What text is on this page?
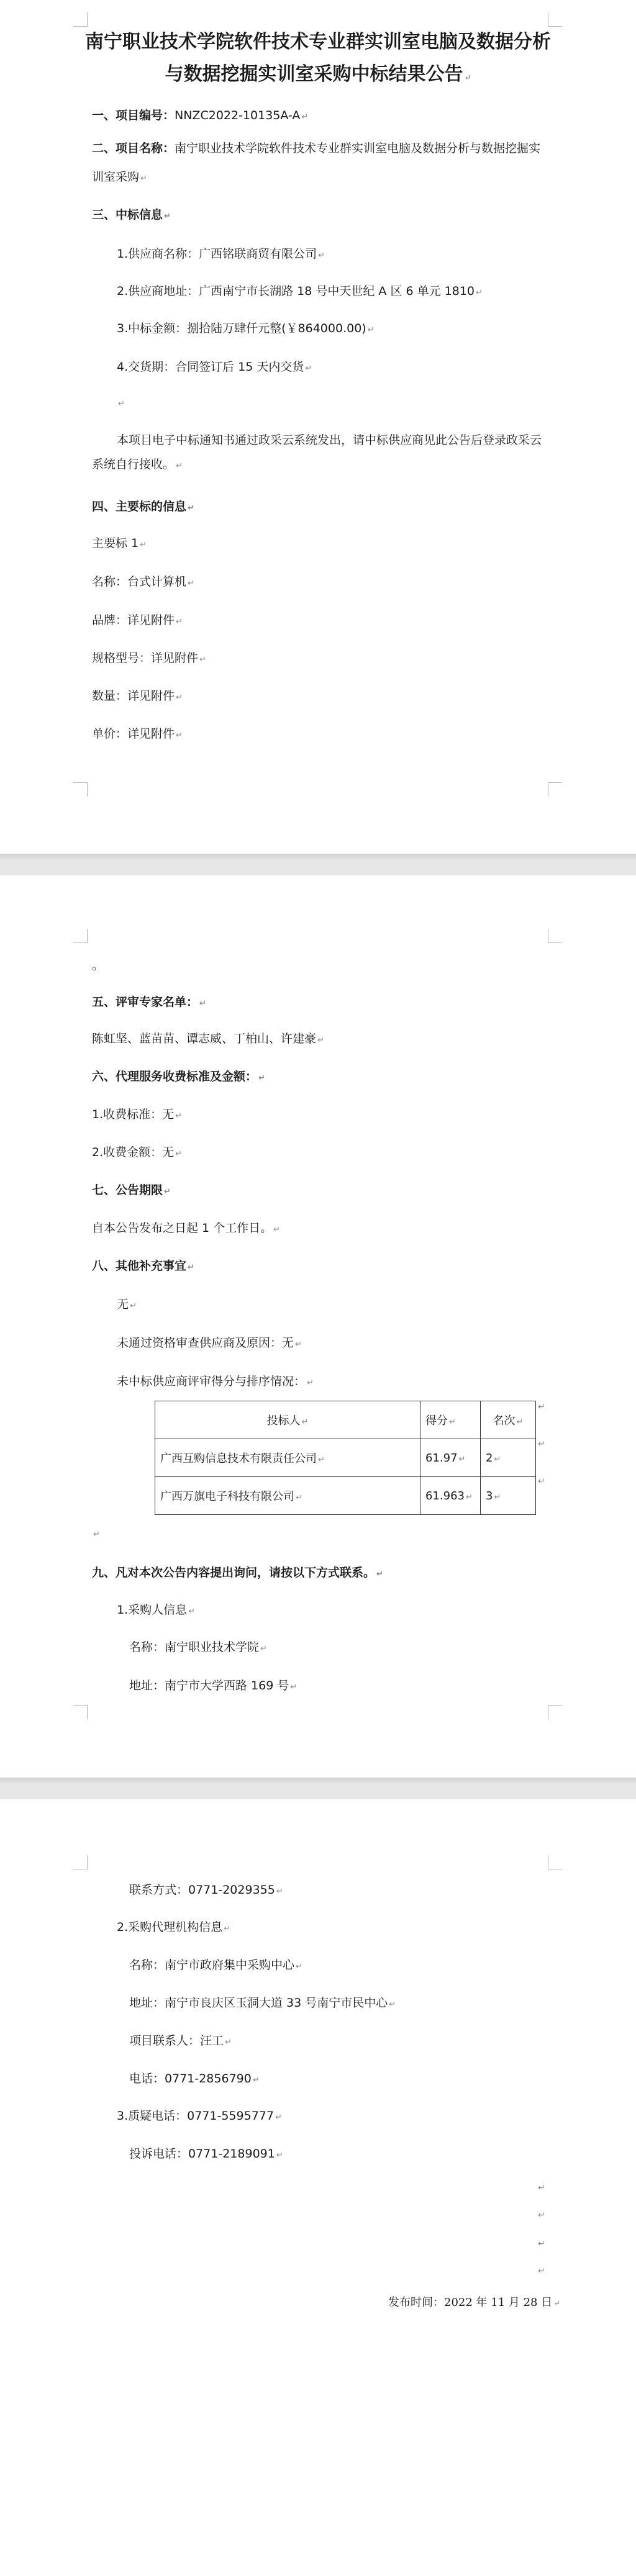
南宁职业技术学院软件技术专业群实训室电脑及数据分析
与数据挖掘实训室采购中标结果公告 ↵
一、项目编号：NNZC2022-10135A-A ↵
二、项目名称：南宁职业技术学院软件技术专业群实训室电脑及数据分析与数据挖掘实
训室采购 ↵
三、中标信息 ↵
1.供应商名称：广西铭联商贸有限公司 ↵
2.供应商地址：广西南宁市长湖路 18 号中天世纪 A 区 6 单元 1810 ↵
3.中标金额：捌拾陆万肆仟元整(￥864000.00) ↵
4.交货期：合同签订后 15 天内交货 ↵
↵
本项目电子中标通知书通过政采云系统发出，请中标供应商见此公告后登录政采云
系统自行接收。 ↵
四、主要标的信息 ↵
主要标 1 ↵
名称：台式计算机 ↵
品牌：详见附件 ↵
规格型号：详见附件 ↵
数量：详见附件 ↵
单价：详见附件 ↵
。
五、评审专家名单： ↵
陈虹坚、蓝苗苗、谭志威、丁柏山、许建豪 ↵
六、代理服务收费标准及金额： ↵
1.收费标准：无 ↵
2.收费金额：无 ↵
七、公告期限 ↵
自本公告发布之日起 1 个工作日。 ↵
八、其他补充事宜 ↵
无 ↵
未通过资格审查供应商及原因：无 ↵
未中标供应商评审得分与排序情况： ↵
投标人 ↵	得分 ↵	名次 ↵
广西互购信息技术有限责任公司 ↵	61.97 ↵	2 ↵
广西万旗电子科技有限公司 ↵	61.963 ↵	3 ↵
↵
↵
↵
↵
九、凡对本次公告内容提出询问，请按以下方式联系。 ↵
1.采购人信息 ↵
名称：南宁职业技术学院 ↵
地址：南宁市大学西路 169 号 ↵
联系方式：0771-2029355 ↵
2.采购代理机构信息 ↵
名称：南宁市政府集中采购中心 ↵
地址：南宁市良庆区玉洞大道 33 号南宁市民中心 ↵
项目联系人：汪工 ↵
电话：0771-2856790 ↵
3.质疑电话：0771-5595777 ↵
投诉电话：0771-2189091 ↵
↵
↵
↵
↵
发布时间：2022 年 11 月 28 日 ↵
